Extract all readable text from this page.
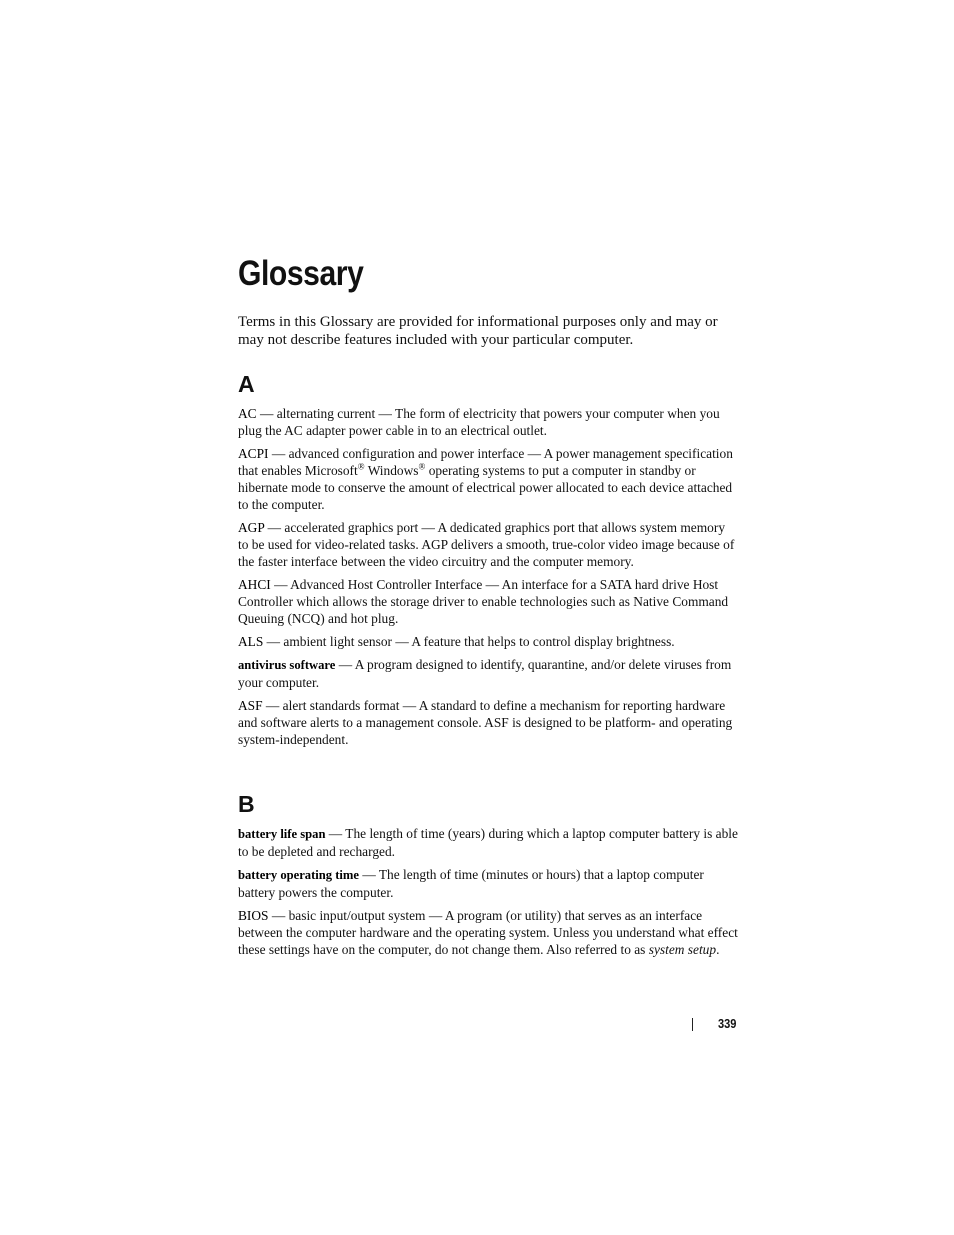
Glossary

Terms in this Glossary are provided for informational purposes only and may or may not describe features included with your particular computer.

A

AC — alternating current — The form of electricity that powers your computer when you plug the AC adapter power cable in to an electrical outlet.

ACPI — advanced configuration and power interface — A power management specification that enables Microsoft® Windows® operating systems to put a computer in standby or hibernate mode to conserve the amount of electrical power allocated to each device attached to the computer.

AGP — accelerated graphics port — A dedicated graphics port that allows system memory to be used for video-related tasks. AGP delivers a smooth, true-color video image because of the faster interface between the video circuitry and the computer memory.

AHCI — Advanced Host Controller Interface — An interface for a SATA hard drive Host Controller which allows the storage driver to enable technologies such as Native Command Queuing (NCQ) and hot plug.

ALS — ambient light sensor — A feature that helps to control display brightness.

antivirus software — A program designed to identify, quarantine, and/or delete viruses from your computer.

ASF — alert standards format — A standard to define a mechanism for reporting hardware and software alerts to a management console. ASF is designed to be platform- and operating system-independent.

B

battery life span — The length of time (years) during which a laptop computer battery is able to be depleted and recharged.

battery operating time — The length of time (minutes or hours) that a laptop computer battery powers the computer.

BIOS — basic input/output system — A program (or utility) that serves as an interface between the computer hardware and the operating system. Unless you understand what effect these settings have on the computer, do not change them. Also referred to as system setup.

339
